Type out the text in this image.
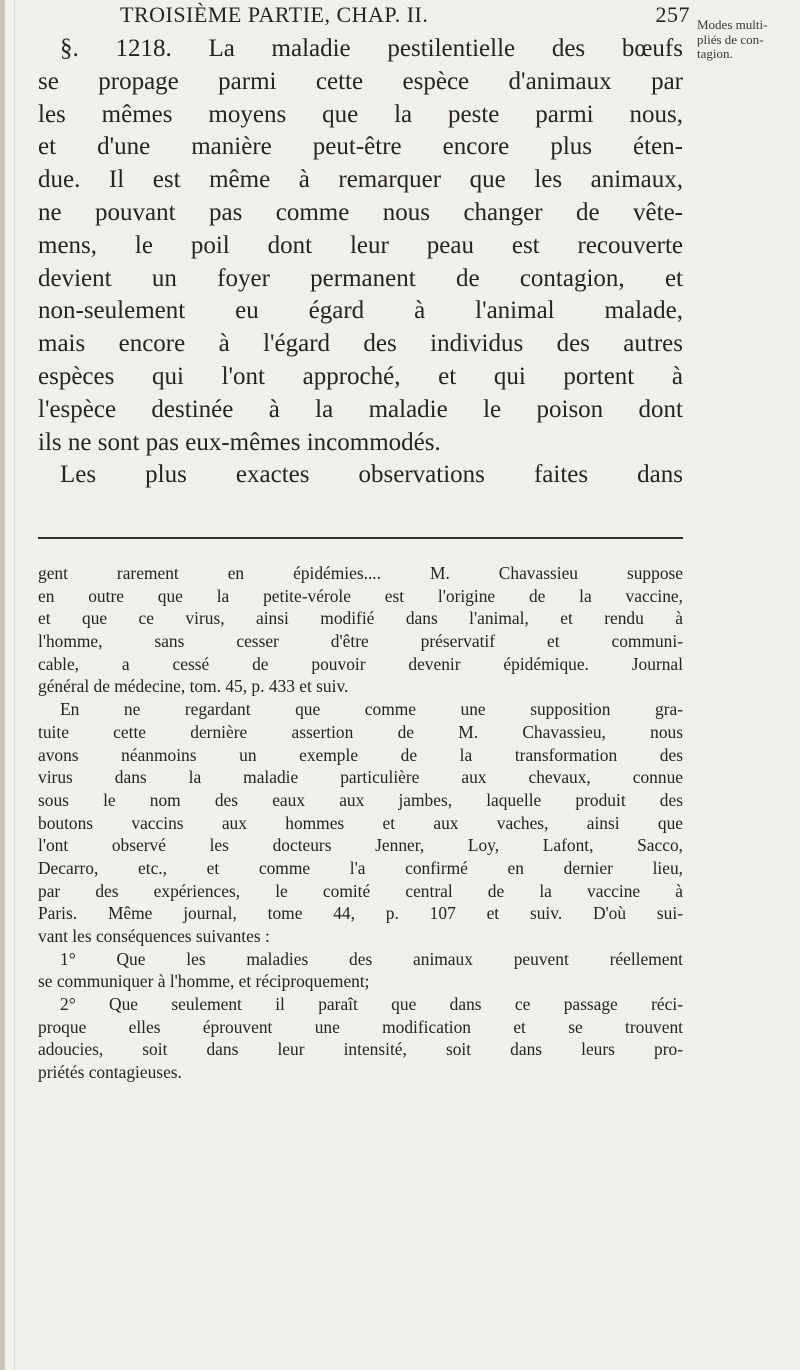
TROISIÈME PARTIE, CHAP. II.	257 Modes multi-
pliés de con-
tagion.
§. 1218. La maladie pestilentielle des bœufs
se propage parmi cette espèce d'animaux par
les mêmes moyens que la peste parmi nous,
et d'une manière peut-être encore plus éten-
due. Il est même à remarquer que les animaux,
ne pouvant pas comme nous changer de vête-
mens, le poil dont leur peau est recouverte
devient un foyer permanent de contagion, et
non-seulement eu égard à l'animal malade,
mais encore à l'égard des individus des autres
espèces qui l'ont approché, et qui portent à
l'espèce destinée à la maladie le poison dont
ils ne sont pas eux-mêmes incommodés.
Les plus exactes observations faites dans
gent rarement en épidémies.... M. Chavassieu suppose
en outre que la petite-vérole est l'origine de la vaccine,
et que ce virus, ainsi modifié dans l'animal, et rendu à
l'homme, sans cesser d'être préservatif et communi-
cable, a cessé de pouvoir devenir épidémique. Journal
général de médecine, tom. 45, p. 433 et suiv.
En ne regardant que comme une supposition gra-
tuite cette dernière assertion de M. Chavassieu, nous
avons néanmoins un exemple de la transformation des
virus dans la maladie particulière aux chevaux, connue
sous le nom des eaux aux jambes, laquelle produit des
boutons vaccins aux hommes et aux vaches, ainsi que
l'ont observé les docteurs Jenner, Loy, Lafont, Sacco,
Decarro, etc., et comme l'a confirmé en dernier lieu,
par des expériences, le comité central de la vaccine à
Paris. Même journal, tome 44, p. 107 et suiv. D'où sui-
vant les conséquences suivantes :
1° Que les maladies des animaux peuvent réellement
se communiquer à l'homme, et réciproquement;
2° Que seulement il paraît que dans ce passage réci-
proque elles éprouvent une modification et se trouvent
adoucies, soit dans leur intensité, soit dans leurs pro-
priétés contagieuses.
